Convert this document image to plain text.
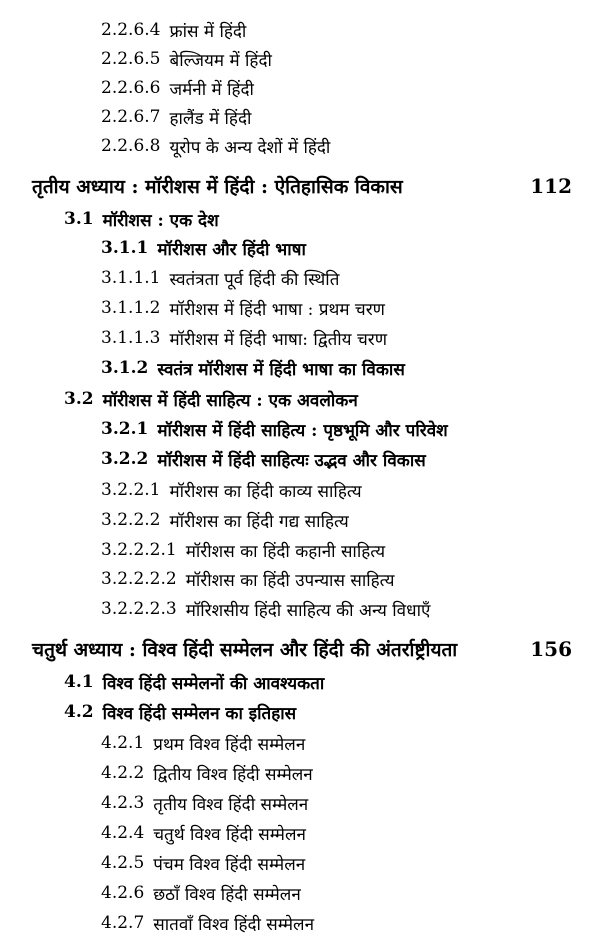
2.2.6.4 फ्रांस में हिंदी
2.2.6.5 बेल्जियम में हिंदी
2.2.6.6 जर्मनी में हिंदी
2.2.6.7 हालैंड में हिंदी
2.2.6.8 यूरोप के अन्य देशों में हिंदी
तृतीय अध्याय : मॉरीशस में हिंदी : ऐतिहासिक विकास	112
3.1 मॉरीशस : एक देश
3.1.1 मॉरीशस और हिंदी भाषा
3.1.1.1 स्वतंत्रता पूर्व हिंदी की स्थिति
3.1.1.2 मॉरीशस में हिंदी भाषा : प्रथम चरण
3.1.1.3 मॉरीशस में हिंदी भाषा: द्वितीय चरण
3.1.2 स्वतंत्र मॉरीशस में हिंदी भाषा का विकास
3.2 मॉरीशस में हिंदी साहित्य : एक अवलोकन
3.2.1 मॉरीशस में हिंदी साहित्य : पृष्ठभूमि और परिवेश
3.2.2 मॉरीशस में हिंदी साहित्यः उद्भव और विकास
3.2.2.1 मॉरीशस का हिंदी काव्य साहित्य
3.2.2.2 मॉरीशस का हिंदी गद्य साहित्य
3.2.2.2.1 मॉरीशस का हिंदी कहानी साहित्य
3.2.2.2.2 मॉरीशस का हिंदी उपन्यास साहित्य
3.2.2.2.3 मॉरिशसीय हिंदी साहित्य की अन्य विधाएँ
चतुर्थ अध्याय : विश्व हिंदी सम्मेलन और हिंदी की अंतर्राष्ट्रीयता	156
4.1 विश्व हिंदी सम्मेलनों की आवश्यकता
4.2 विश्व हिंदी सम्मेलन का इतिहास
4.2.1 प्रथम विश्व हिंदी सम्मेलन
4.2.2 द्वितीय विश्व हिंदी सम्मेलन
4.2.3 तृतीय विश्व हिंदी सम्मेलन
4.2.4 चतुर्थ विश्व हिंदी सम्मेलन
4.2.5 पंचम विश्व हिंदी सम्मेलन
4.2.6 छठाँ विश्व हिंदी सम्मेलन
4.2.7 सातवाँ विश्व हिंदी सम्मेलन
